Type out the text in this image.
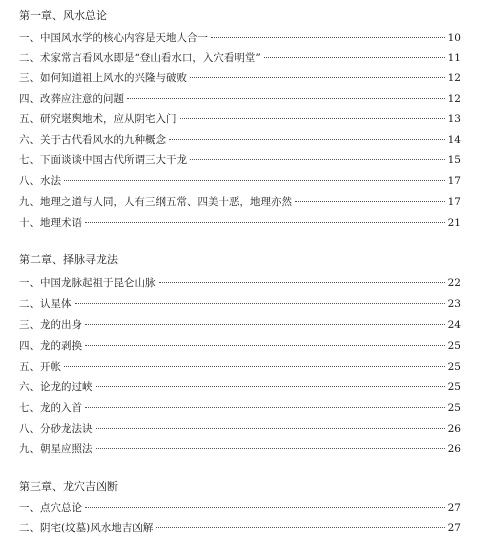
第一章、风水总论
一、中国风水学的核心内容是天地人合一	10
二、术家常言看风水即是“登山看水口，入穴看明堂”	11
三、如何知道祖上风水的兴隆与破败	12
四、改葬应注意的问题	12
五、研究堪舆地术，应从阴宅入门	13
六、关于古代看风水的九种概念	14
七、下面谈谈中国古代所谓三大干龙	15
八、水法	17
九、地理之道与人同，人有三纲五常、四美十恶，地理亦然	17
十、地理术语	21
第二章、择脉寻龙法
一、中国龙脉起祖于昆仑山脉	22
二、认星体	23
三、龙的出身	24
四、龙的剥换	25
五、开帐	25
六、论龙的过峡	25
七、龙的入首	25
八、分砂龙法诀	26
九、朝星应照法	26
第三章、龙穴吉凶断
一、点穴总论	27
二、阴宅(坟墓)风水地吉凶解	27
